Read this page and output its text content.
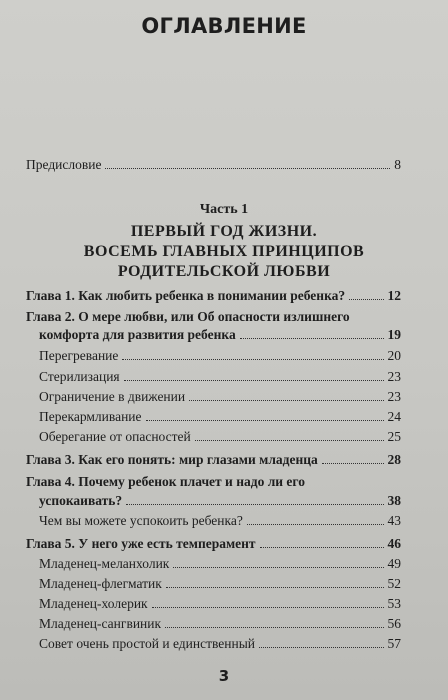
ОГЛАВЛЕНИЕ
Предисловие	8
Часть 1
ПЕРВЫЙ ГОД ЖИЗНИ.
ВОСЕМЬ ГЛАВНЫХ ПРИНЦИПОВ
РОДИТЕЛЬСКОЙ ЛЮБВИ
Глава 1. Как любить ребенка в понимании ребенка?	12
Глава 2. О мере любви, или Об опасности излишнего
комфорта для развития ребенка	19
Перегревание	20
Стерилизация	23
Ограничение в движении	23
Перекармливание	24
Оберегание от опасностей	25
Глава 3. Как его понять: мир глазами младенца	28
Глава 4. Почему ребенок плачет и надо ли его
успокаивать?	38
Чем вы можете успокоить ребенка?	43
Глава 5. У него уже есть темперамент	46
Младенец-меланхолик	49
Младенец-флегматик	52
Младенец-холерик	53
Младенец-сангвиник	56
Совет очень простой и единственный	57
3
